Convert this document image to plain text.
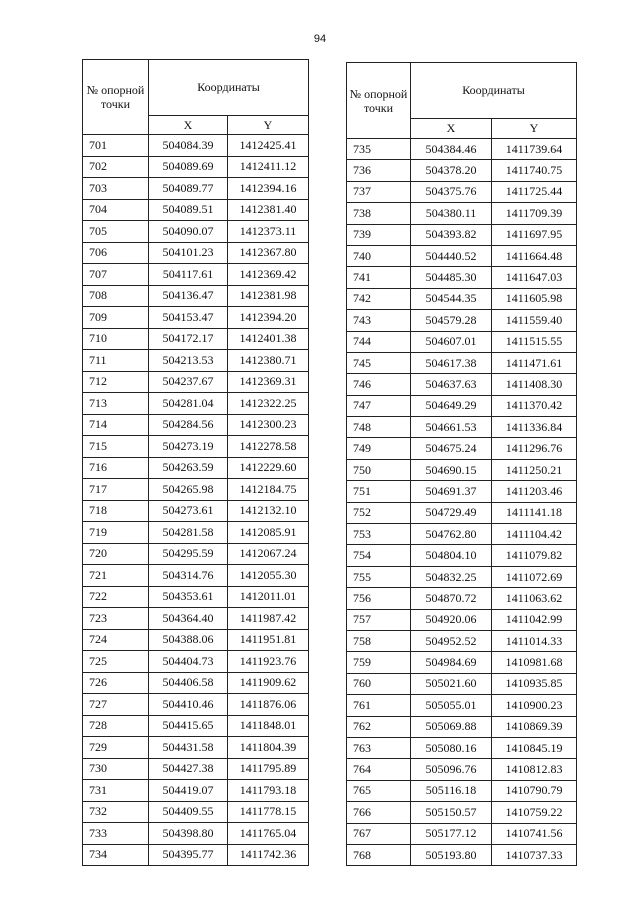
94
№ опорной точки	Координаты	
	X	Y
701	504084.39	1412425.41
702	504089.69	1412411.12
703	504089.77	1412394.16
704	504089.51	1412381.40
705	504090.07	1412373.11
706	504101.23	1412367.80
707	504117.61	1412369.42
708	504136.47	1412381.98
709	504153.47	1412394.20
710	504172.17	1412401.38
711	504213.53	1412380.71
712	504237.67	1412369.31
713	504281.04	1412322.25
714	504284.56	1412300.23
715	504273.19	1412278.58
716	504263.59	1412229.60
717	504265.98	1412184.75
718	504273.61	1412132.10
719	504281.58	1412085.91
720	504295.59	1412067.24
721	504314.76	1412055.30
722	504353.61	1412011.01
723	504364.40	1411987.42
724	504388.06	1411951.81
725	504404.73	1411923.76
726	504406.58	1411909.62
727	504410.46	1411876.06
728	504415.65	1411848.01
729	504431.58	1411804.39
730	504427.38	1411795.89
731	504419.07	1411793.18
732	504409.55	1411778.15
733	504398.80	1411765.04
734	504395.77	1411742.36
№ опорной точки	Координаты	
	X	Y
735	504384.46	1411739.64
736	504378.20	1411740.75
737	504375.76	1411725.44
738	504380.11	1411709.39
739	504393.82	1411697.95
740	504440.52	1411664.48
741	504485.30	1411647.03
742	504544.35	1411605.98
743	504579.28	1411559.40
744	504607.01	1411515.55
745	504617.38	1411471.61
746	504637.63	1411408.30
747	504649.29	1411370.42
748	504661.53	1411336.84
749	504675.24	1411296.76
750	504690.15	1411250.21
751	504691.37	1411203.46
752	504729.49	1411141.18
753	504762.80	1411104.42
754	504804.10	1411079.82
755	504832.25	1411072.69
756	504870.72	1411063.62
757	504920.06	1411042.99
758	504952.52	1411014.33
759	504984.69	1410981.68
760	505021.60	1410935.85
761	505055.01	1410900.23
762	505069.88	1410869.39
763	505080.16	1410845.19
764	505096.76	1410812.83
765	505116.18	1410790.79
766	505150.57	1410759.22
767	505177.12	1410741.56
768	505193.80	1410737.33
